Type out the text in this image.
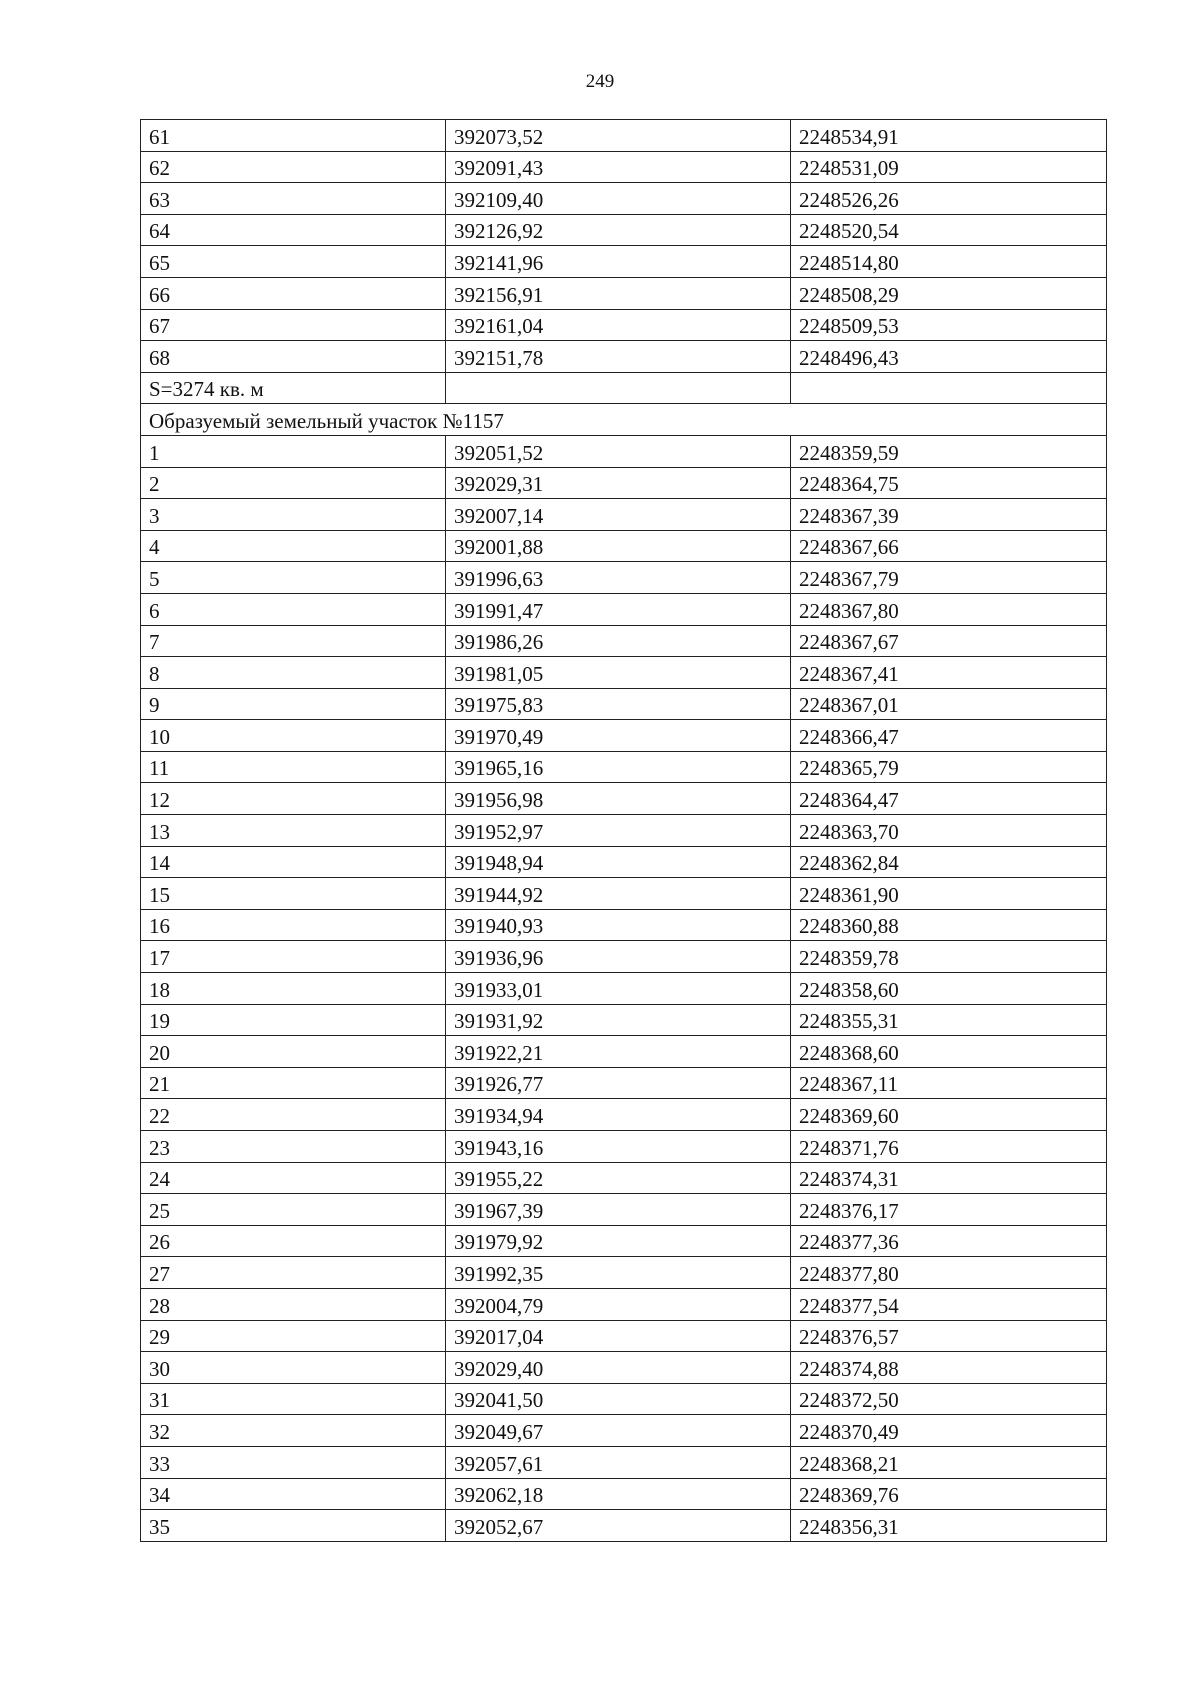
249
61	392073,52	2248534,91
62	392091,43	2248531,09
63	392109,40	2248526,26
64	392126,92	2248520,54
65	392141,96	2248514,80
66	392156,91	2248508,29
67	392161,04	2248509,53
68	392151,78	2248496,43
S=3274 кв. м		
Образуемый земельный участок №1157		
1	392051,52	2248359,59
2	392029,31	2248364,75
3	392007,14	2248367,39
4	392001,88	2248367,66
5	391996,63	2248367,79
6	391991,47	2248367,80
7	391986,26	2248367,67
8	391981,05	2248367,41
9	391975,83	2248367,01
10	391970,49	2248366,47
11	391965,16	2248365,79
12	391956,98	2248364,47
13	391952,97	2248363,70
14	391948,94	2248362,84
15	391944,92	2248361,90
16	391940,93	2248360,88
17	391936,96	2248359,78
18	391933,01	2248358,60
19	391931,92	2248355,31
20	391922,21	2248368,60
21	391926,77	2248367,11
22	391934,94	2248369,60
23	391943,16	2248371,76
24	391955,22	2248374,31
25	391967,39	2248376,17
26	391979,92	2248377,36
27	391992,35	2248377,80
28	392004,79	2248377,54
29	392017,04	2248376,57
30	392029,40	2248374,88
31	392041,50	2248372,50
32	392049,67	2248370,49
33	392057,61	2248368,21
34	392062,18	2248369,76
35	392052,67	2248356,31
